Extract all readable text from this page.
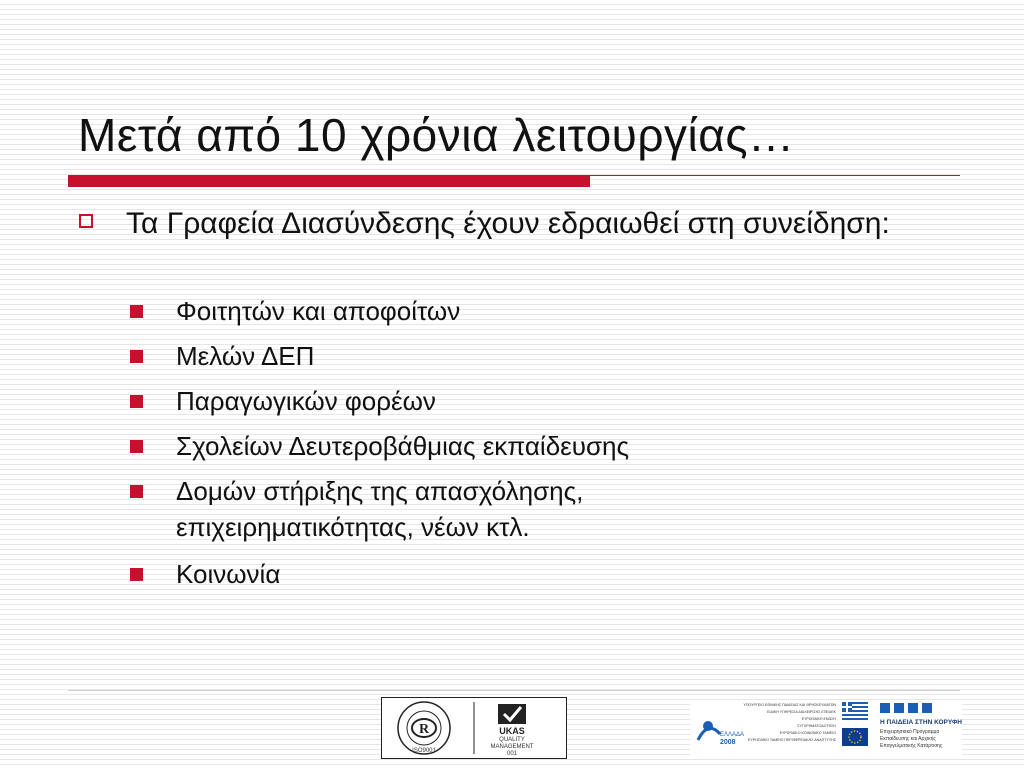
Μετά από 10 χρόνια λειτουργίας…
Τα Γραφεία Διασύνδεσης έχουν εδραιωθεί στη συνείδηση:
Φοιτητών και αποφοίτων
Μελών ΔΕΠ
Παραγωγικών φορέων
Σχολείων Δευτεροβάθμιας εκπαίδευσης
Δομών στήριξης της απασχόλησης, επιχειρηματικότητας, νέων κτλ.
Κοινωνία
R
ISO9001
UKAS
QUALITY
MANAGEMENT
001
ΕΛΛΑΔΑ
2008
ΥΠΟΥΡΓΕΙΟ ΕΘΝΙΚΗΣ ΠΑΙΔΕΙΑΣ ΚΑΙ ΘΡΗΣΚΕΥΜΑΤΩΝ
ΕΙΔΙΚΗ ΥΠΗΡΕΣΙΑ ΔΙΑΧΕΙΡΙΣΗΣ ΕΠΕΑΕΚ
ΕΥΡΩΠΑΪΚΗ ΕΝΩΣΗ
ΣΥΓΧΡΗΜΑΤΟΔΟΤΗΣΗ
ΕΥΡΩΠΑΪΚΟ ΚΟΙΝΩΝΙΚΟ ΤΑΜΕΙΟ
ΕΥΡΩΠΑΪΚΟ ΤΑΜΕΙΟ ΠΕΡΙΦΕΡΕΙΑΚΗΣ ΑΝΑΠΤΥΞΗΣ
Η ΠΑΙΔΕΙΑ ΣΤΗΝ ΚΟΡΥΦΗ
Επιχειρησιακό Πρόγραμμα
Εκπαίδευσης και Αρχικής
Επαγγελματικής Κατάρτισης
